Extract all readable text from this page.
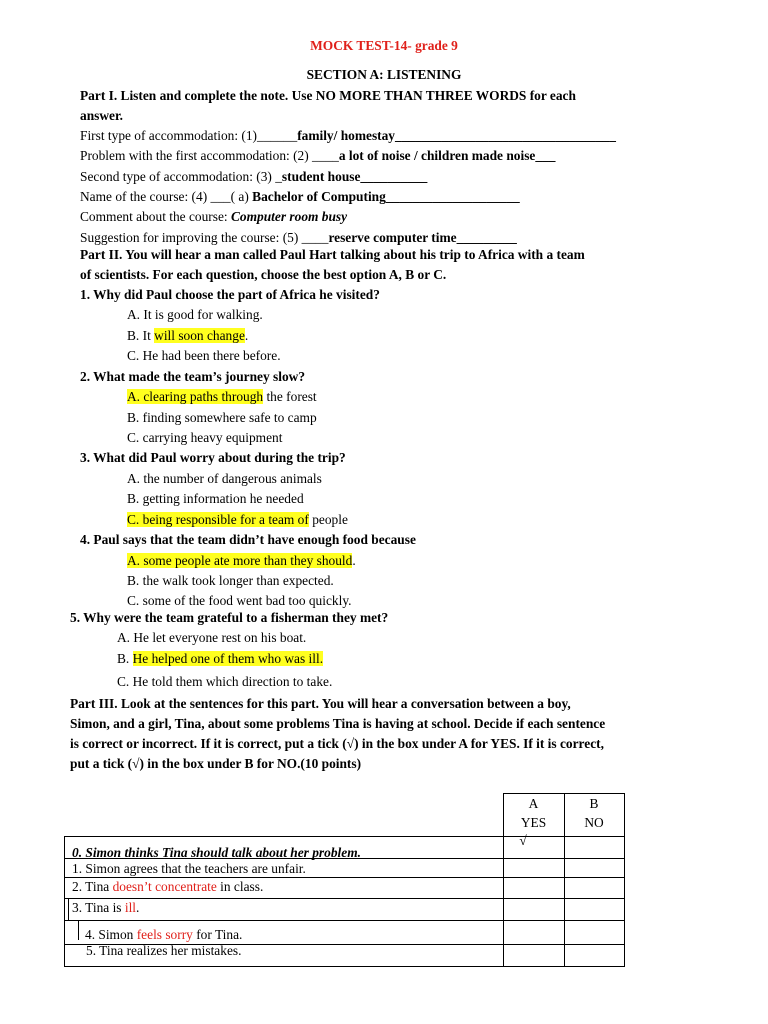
MOCK TEST-14- grade 9
SECTION A: LISTENING
Part I. Listen and complete the note. Use NO MORE THAN THREE WORDS for each
answer.
First type of accommodation: (1)______family/ homestay_________________________________
Problem with the first accommodation: (2) ____a lot of noise / children made noise___
Second type of accommodation: (3) _student house__________
Name of the course: (4) ___( a) Bachelor of Computing____________________
Comment about the course: Computer room busy
Suggestion for improving the course: (5) ____reserve computer time_________
Part II. You will hear a man called Paul Hart talking about his trip to Africa with a team
of scientists. For each question, choose the best option A, B or C.
1. Why did Paul choose the part of Africa he visited?
A. It is good for walking.
B. It will soon change.
C. He had been there before.
2. What made the team’s journey slow?
A. clearing paths through the forest
B. finding somewhere safe to camp
C. carrying heavy equipment
3. What did Paul worry about during the trip?
A. the number of dangerous animals
B. getting information he needed
C. being responsible for a team of people
4. Paul says that the team didn’t have enough food because
A. some people ate more than they should.
B. the walk took longer than expected.
C. some of the food went bad too quickly.
5. Why were the team grateful to a fisherman they met?
A. He let everyone rest on his boat.
B. He helped one of them who was ill.
C. He told them which direction to take.
Part III. Look at the sentences for this part. You will hear a conversation between a boy,
Simon, and a girl, Tina, about some problems Tina is having at school. Decide if each sentence
is correct or incorrect. If it is correct, put a tick (√) in the box under A for YES. If it is correct,
put a tick (√) in the box under B for NO.(10 points)
A
YES
B
NO
0. Simon thinks Tina should talk about her problem.
√
1. Simon agrees that the teachers are unfair.
2. Tina doesn’t concentrate in class.
3. Tina is ill.
4. Simon feels sorry for Tina.
5. Tina realizes her mistakes.
